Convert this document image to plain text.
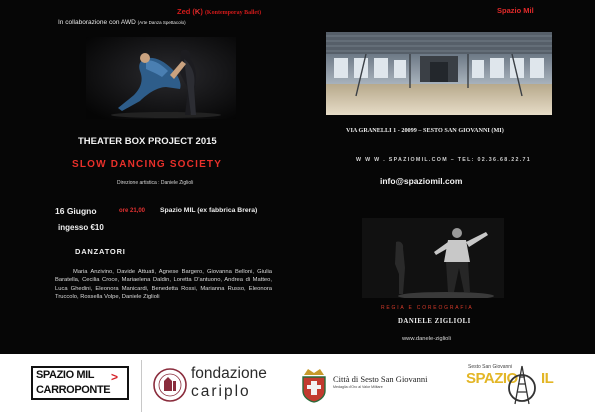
Zed (K) (Kontemporay Ballet)
In collaborazione con AWD (Arte Danza Spettacolo)
THEATER BOX PROJECT 2015
SLOW DANCING SOCIETY
Direzione artistica : Daniele Ziglioli
16 Giugno	ore 21,00 Spazio MIL (ex fabbrica Brera)
ingesso €10
DANZATORI

Maria Anzivino, Davide Attuati, Agnese Bargero, Giovanna Belloni, Giulia Baratella, Cecilia Croce, Mariaelena Daldin, Loretta D'antuono, Andrea di Matteo, Luca Ghedini, Eleonora Manicardi, Benedetta Rossi, Marianna Russo, Eleonora Truccolo, Rossella Volpe, Daniele Ziglioli

Spazio Mil
VIA GRANELLI 1 - 20099 – SESTO SAN GIOVANNI (MI)
W W W . SPAZIOMIL.COM – TEL: 02.36.68.22.71
info@spaziomil.com
REGIA E COREOGRAFIA
DANIELE ZIGLIOLI
www.danele-ziglioli
SPAZIO MIL >
CARROPONTE
fondazione
cariplo
Città di Sesto San Giovanni
Medaglia d'Oro al Valor Militare
Sesto San Giovanni
SPAZIO IL
